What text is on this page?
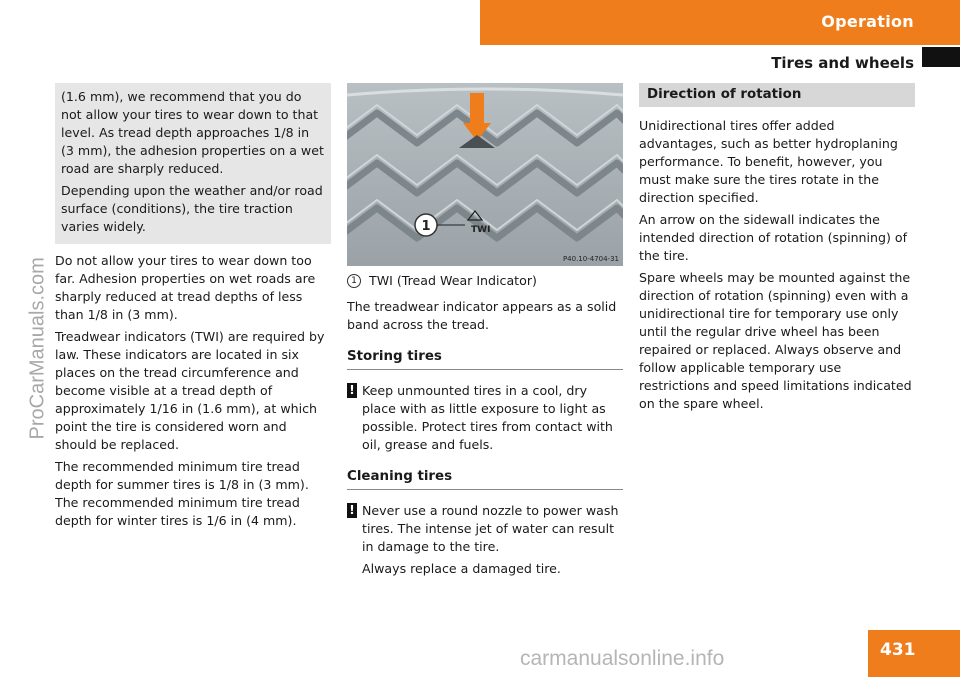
Operation
Tires and wheels
ProCarManuals.com

(1.6 mm), we recommend that you do not allow your tires to wear down to that level. As tread depth approaches 1/8 in (3 mm), the adhesion properties on a wet road are sharply reduced.

Depending upon the weather and/or road surface (conditions), the tire traction varies widely.

Do not allow your tires to wear down too far. Adhesion properties on wet roads are sharply reduced at tread depths of less than 1/8 in (3 mm).

Treadwear indicators (TWI) are required by law. These indicators are located in six places on the tread circumference and become visible at a tread depth of approximately 1/16 in (1.6 mm), at which point the tire is considered worn and should be replaced.

The recommended minimum tire tread depth for summer tires is 1/8 in (3 mm). The recommended minimum tire tread depth for winter tires is 1/6 in (4 mm).

1	TWI
P40.10-4704-31
1 TWI (Tread Wear Indicator)

The treadwear indicator appears as a solid band across the tread.

Storing tires
! Keep unmounted tires in a cool, dry place with as little exposure to light as possible. Protect tires from contact with oil, grease and fuels.
Cleaning tires
! Never use a round nozzle to power wash tires. The intense jet of water can result in damage to the tire.

Always replace a damaged tire.

Direction of rotation

Unidirectional tires offer added advantages, such as better hydroplaning performance. To benefit, however, you must make sure the tires rotate in the direction specified.

An arrow on the sidewall indicates the intended direction of rotation (spinning) of the tire.

Spare wheels may be mounted against the direction of rotation (spinning) even with a unidirectional tire for temporary use only until the regular drive wheel has been repaired or replaced. Always observe and follow applicable temporary use restrictions and speed limitations indicated on the spare wheel.

431
carmanualsonline.info
